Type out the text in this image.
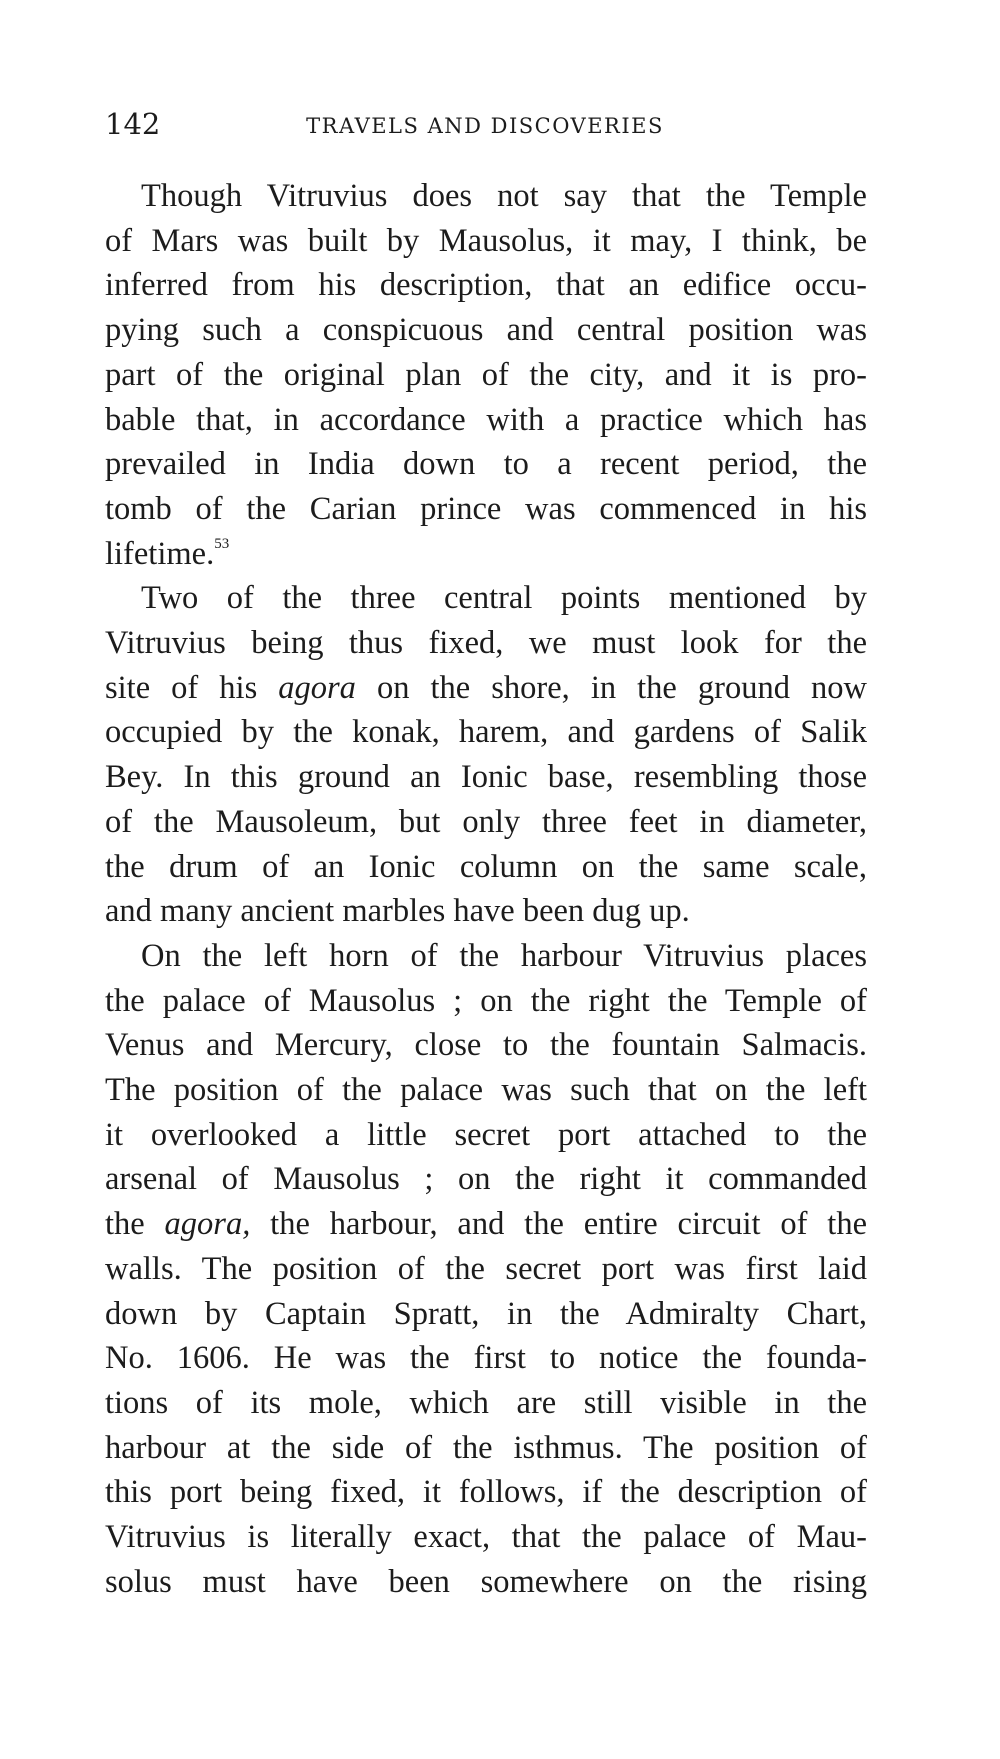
142	TRAVELS AND DISCOVERIES
Though Vitruvius does not say that the Temple
of Mars was built by Mausolus, it may, I think, be
inferred from his description, that an edifice occu-
pying such a conspicuous and central position was
part of the original plan of the city, and it is pro-
bable that, in accordance with a practice which has
prevailed in India down to a recent period, the
tomb of the Carian prince was commenced in his
lifetime.$^{53}$
Two of the three central points mentioned by
Vitruvius being thus fixed, we must look for the
site of his agora on the shore, in the ground now
occupied by the konak, harem, and gardens of Salik
Bey. In this ground an Ionic base, resembling those
of the Mausoleum, but only three feet in diameter,
the drum of an Ionic column on the same scale,
and many ancient marbles have been dug up.
On the left horn of the harbour Vitruvius places
the palace of Mausolus ; on the right the Temple of
Venus and Mercury, close to the fountain Salmacis.
The position of the palace was such that on the left
it overlooked a little secret port attached to the
arsenal of Mausolus ; on the right it commanded
the agora, the harbour, and the entire circuit of the
walls. The position of the secret port was first laid
down by Captain Spratt, in the Admiralty Chart,
No. 1606. He was the first to notice the founda-
tions of its mole, which are still visible in the
harbour at the side of the isthmus. The position of
this port being fixed, it follows, if the description of
Vitruvius is literally exact, that the palace of Mau-
solus must have been somewhere on the rising
